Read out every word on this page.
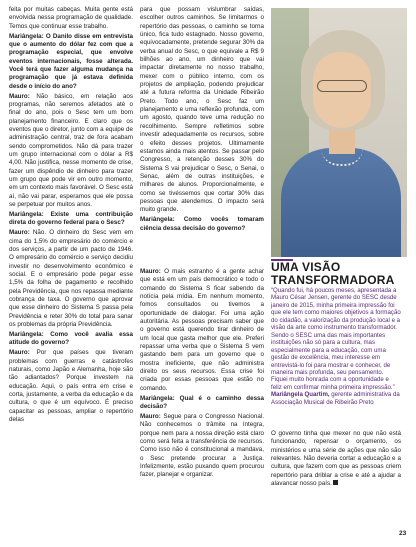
feita por muitas cabeças. Muita gente está envolvida nessa programação de qualidade. Temos que continuar esse trabalho.

Mariângela: O Danilo disse em entrevista que o aumento do dólar fez com que a programação especial, que envolve eventos internacionais, fosse alterada. Você terá que fazer alguma mudança na programação que já estava definida desde o início do ano?

Mauro: Não básico, em relação aos programas, não seremos afetados até o final do ano, pois o Sesc tem um bom planejamento financeiro. E claro que os eventos que o diretor, junto com a equipe de administração central, traz de fora acabam sendo comprometidos. Não dá para trazer um grupo internacional com o dólar a R$ 4,00. Não justifica, nesse momento de crise, fazer um dispêndio de dinheiro para trazer um grupo que pode vir em outro momento, em um contexto mais favorável. O Sesc está aí, não vai parar, esperamos que ele possa se perpetuar por muitos anos.

Mariângela: Existe uma contribuição direta do governo federal para o Sesc?

Mauro: Não. O dinheiro do Sesc vem em cima do 1,5% do empresário do comércio e dos serviços, a partir de um pacto de 1946. O empresário do comércio e serviço decidiu investir no desenvolvimento econômico e social. E o empresário pode pegar esse 1,5% da folha de pagamento e recolhido pela Previdência, que nos repassa mediante cobrança de taxa. O governo que aprovar que esse dinheiro do Sistema S passa pela Previdência e reter 30% do total para sanar os problemas da própria Previdência.

Mariângela: Como você avalia essa atitude do governo?

Mauro: Por que países que tiveram problemas com guerras e catástrofes naturais, como Japão e Alemanha, hoje são tão adiantados? Porque investem na educação. Aqui, o país entra em crise e corta, justamente, a verba da educação e da cultura, o que é um equívoco. É preciso capacitar as pessoas, ampliar o repertório delas

para que possam vislumbrar saídas, escolher outros caminhos. Se limitarmos o repertório das pessoas, o caminho se torna único, fica tudo estagnado. Nosso governo, equivocadamente, pretende segurar 30% da verba anual do Sesc, o que equivale a R$ 9 bilhões ao ano, um dinheiro que vai impactar diretamente no nosso trabalho, mexer com o público interno, com os projetos de ampliação, podendo prejudicar até a futura reforma da Unidade Ribeirão Preto. Todo ano, o Sesc faz um planejamento e uma reflexão profunda, com um agosto, quando teve uma redução no recolhimento. Sempre refletimos sobre investir adequadamente os recursos, sobre o efeito desses projetos. Ultimamente estamos ainda mais atentos. Se passar pelo Congresso, a retenção desses 30% do Sistema S vai prejudicar o Sesc, o Senai, o Senac, além de outras instituições, e milhares de alunos. Proporcionalmente, e como se tivéssemos que cortar 30% das pessoas que atendemos. O impacto será muito grande.

Mariângela: Como vocês tomaram ciência dessa decisão do governo?

Mauro: O mais estranho é a gente achar que está em um país democrático e todo o comando do Sistema S ficar sabendo da notícia pela mídia. Em nenhum momento, fomos consultados ou tivemos a oportunidade de dialogar. Foi uma ação autoritária. As pessoas precisam saber que o governo está querendo tirar dinheiro de um local que gasta melhor que ele. Preferi repassar uma verba que o Sistema S vem gastando bem para um governo que o mostra ineficiente, que não administra direito os seus recursos. Essa crise foi criada por essas pessoas que estão no comando.

Mariângela: Qual é o caminho dessa decisão?

Mauro: Segue para o Congresso Nacional. Não conhecemos o trâmite na íntegra, porque nem para a nossa direção está claro como será feita a transferência de recursos. Como isso não é constitucional a mandava, o Sesc pretende procurar a Justiça. Infelizmente, estão puxando quem procurou fazer, planejar e organizar.

UMA VISÃO
TRANSFORMADORA
“Quando fui, há poucos meses, apresentada a Mauro César Jensen, gerente do SESC desde janeiro de 2015, minha primeira impressão foi que ele tem como maiores objetivos a formação do cidadão, a valorização da produção local e a visão da arte como instrumento transformador. Sendo o SESC uma das mais importantes instituições não só para a cultura, mas especialmente para a educação, com uma gestão de excelência, meu interesse em entrevistá-lo foi para mostrar e conhecer, de maneira mais profunda, seu pensamento. Fiquei muito honrada com a oportunidade e feliz em confirmar minha primeira impressão.” Mariângela Quartim, gerente administrativa da Associação Musical de Ribeirão Preto

O governo tinha que mexer no que não está funcionando, repensar o orçamento, os ministérios e uma série de ações que não são relevantes. Não deveria cortar a educação e a cultura, que fazem com que as pessoas criem repertório para driblar a crise e até a ajudar a alavancar nosso país.

23
